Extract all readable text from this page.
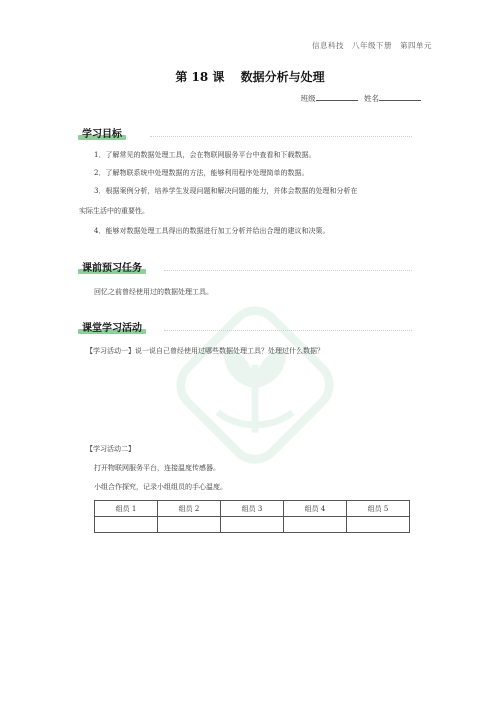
信息科技　八年级下册　第四单元
第 18 课 数据分析与处理
班级	姓名
学习目标
1．了解常见的数据处理工具，会在物联网服务平台中查看和下载数据。
2．了解物联系统中处理数据的方法，能够利用程序处理简单的数据。
3．根据案例分析，培养学生发现问题和解决问题的能力，并体会数据的处理和分析在
实际生活中的重要性。
4．能够对数据处理工具得出的数据进行加工分析并给出合理的建议和决策。
课前预习任务
回忆之前曾经使用过的数据处理工具。
课堂学习活动
【学习活动一】说一说自己曾经使用过哪些数据处理工具？处理过什么数据？
【学习活动二】
打开物联网服务平台，连接温度传感器。
小组合作探究，记录小组组员的手心温度。
组员 1	组员 2	组员 3	组员 4	组员 5
